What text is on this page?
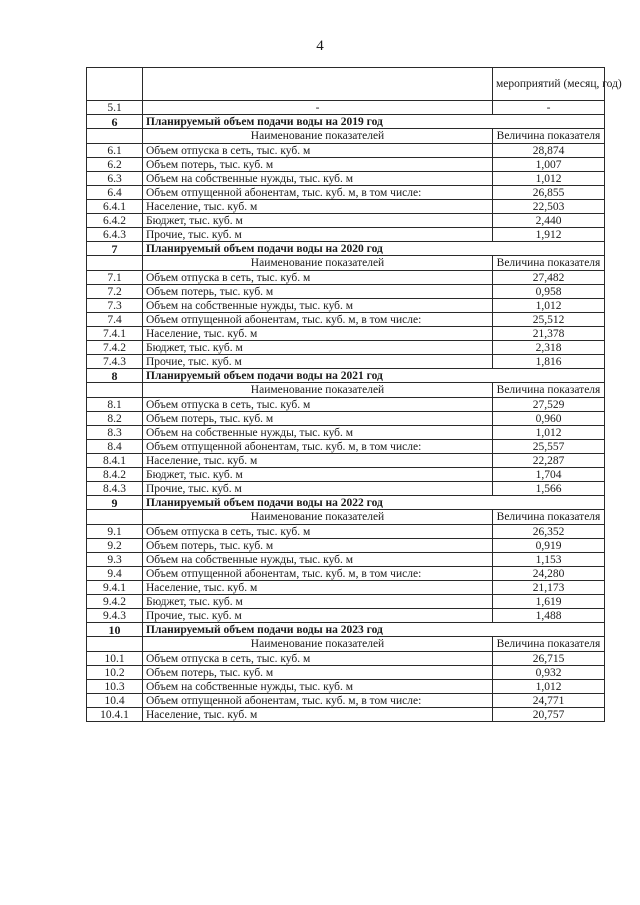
4
		мероприятий (месяц, год)
5.1	-	-
6	Планируемый объем подачи воды на 2019 год	
	Наименование показателей	Величина показателя
6.1	Объем отпуска в сеть, тыс. куб. м	28,874
6.2	Объем потерь, тыс. куб. м	1,007
6.3	Объем на собственные нужды, тыс. куб. м	1,012
6.4	Объем отпущенной абонентам, тыс. куб. м, в том числе:	26,855
6.4.1	Население, тыс. куб. м	22,503
6.4.2	Бюджет, тыс. куб. м	2,440
6.4.3	Прочие, тыс. куб. м	1,912
7	Планируемый объем подачи воды на 2020 год	
	Наименование показателей	Величина показателя
7.1	Объем отпуска в сеть, тыс. куб. м	27,482
7.2	Объем потерь, тыс. куб. м	0,958
7.3	Объем на собственные нужды, тыс. куб. м	1,012
7.4	Объем отпущенной абонентам, тыс. куб. м, в том числе:	25,512
7.4.1	Население, тыс. куб. м	21,378
7.4.2	Бюджет, тыс. куб. м	2,318
7.4.3	Прочие, тыс. куб. м	1,816
8	Планируемый объем подачи воды на 2021 год	
	Наименование показателей	Величина показателя
8.1	Объем отпуска в сеть, тыс. куб. м	27,529
8.2	Объем потерь, тыс. куб. м	0,960
8.3	Объем на собственные нужды, тыс. куб. м	1,012
8.4	Объем отпущенной абонентам, тыс. куб. м, в том числе:	25,557
8.4.1	Население, тыс. куб. м	22,287
8.4.2	Бюджет, тыс. куб. м	1,704
8.4.3	Прочие, тыс. куб. м	1,566
9	Планируемый объем подачи воды на 2022 год	
	Наименование показателей	Величина показателя
9.1	Объем отпуска в сеть, тыс. куб. м	26,352
9.2	Объем потерь, тыс. куб. м	0,919
9.3	Объем на собственные нужды, тыс. куб. м	1,153
9.4	Объем отпущенной абонентам, тыс. куб. м, в том числе:	24,280
9.4.1	Население, тыс. куб. м	21,173
9.4.2	Бюджет, тыс. куб. м	1,619
9.4.3	Прочие, тыс. куб. м	1,488
10	Планируемый объем подачи воды на 2023 год	
	Наименование показателей	Величина показателя
10.1	Объем отпуска в сеть, тыс. куб. м	26,715
10.2	Объем потерь, тыс. куб. м	0,932
10.3	Объем на собственные нужды, тыс. куб. м	1,012
10.4	Объем отпущенной абонентам, тыс. куб. м, в том числе:	24,771
10.4.1	Население, тыс. куб. м	20,757
